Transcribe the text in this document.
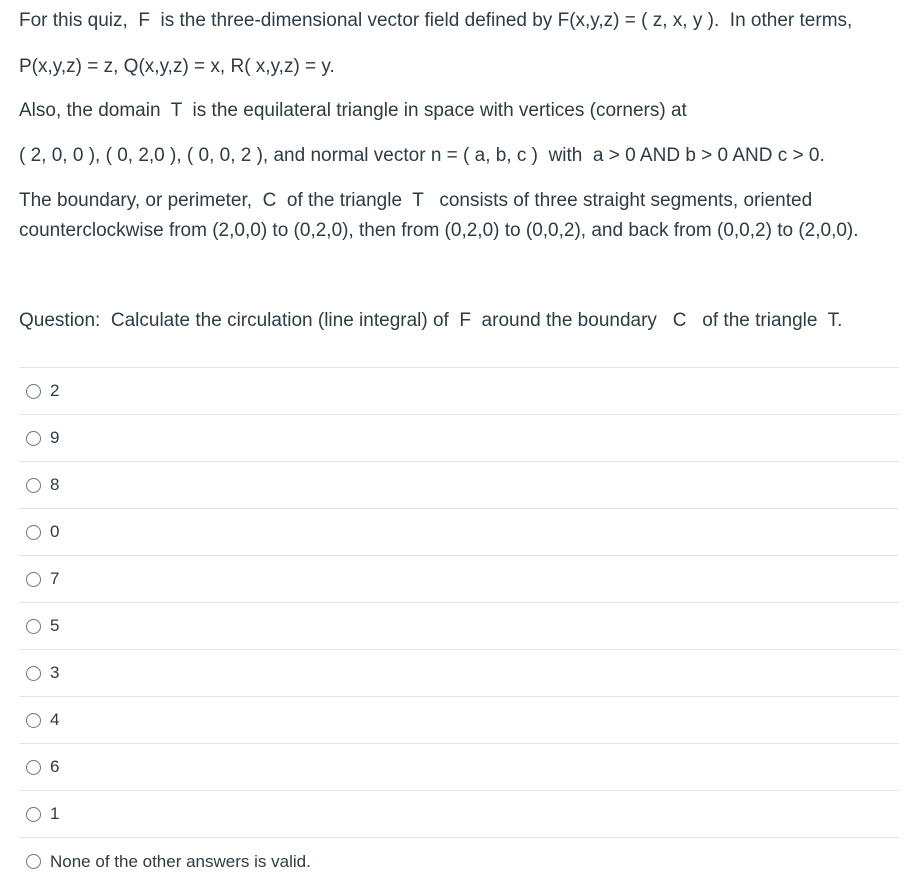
For this quiz,  F  is the three-dimensional vector field defined by F(x,y,z) = ( z, x, y ).  In other terms,

P(x,y,z) = z, Q(x,y,z) = x, R( x,y,z) = y.

Also, the domain  T  is the equilateral triangle in space with vertices (corners) at

( 2, 0, 0 ), ( 0, 2,0 ), ( 0, 0, 2 ), and normal vector n = ( a, b, c )  with  a > 0 AND b > 0 AND c > 0.

The boundary, or perimeter,  C  of the triangle  T   consists of three straight segments, oriented

counterclockwise from (2,0,0) to (0,2,0), then from (0,2,0) to (0,0,2), and back from (0,0,2) to (2,0,0).

Question:  Calculate the circulation (line integral) of  F  around the boundary   C   of the triangle  T.

2
9
8
0
7
5
3
4
6
1
None of the other answers is valid.
